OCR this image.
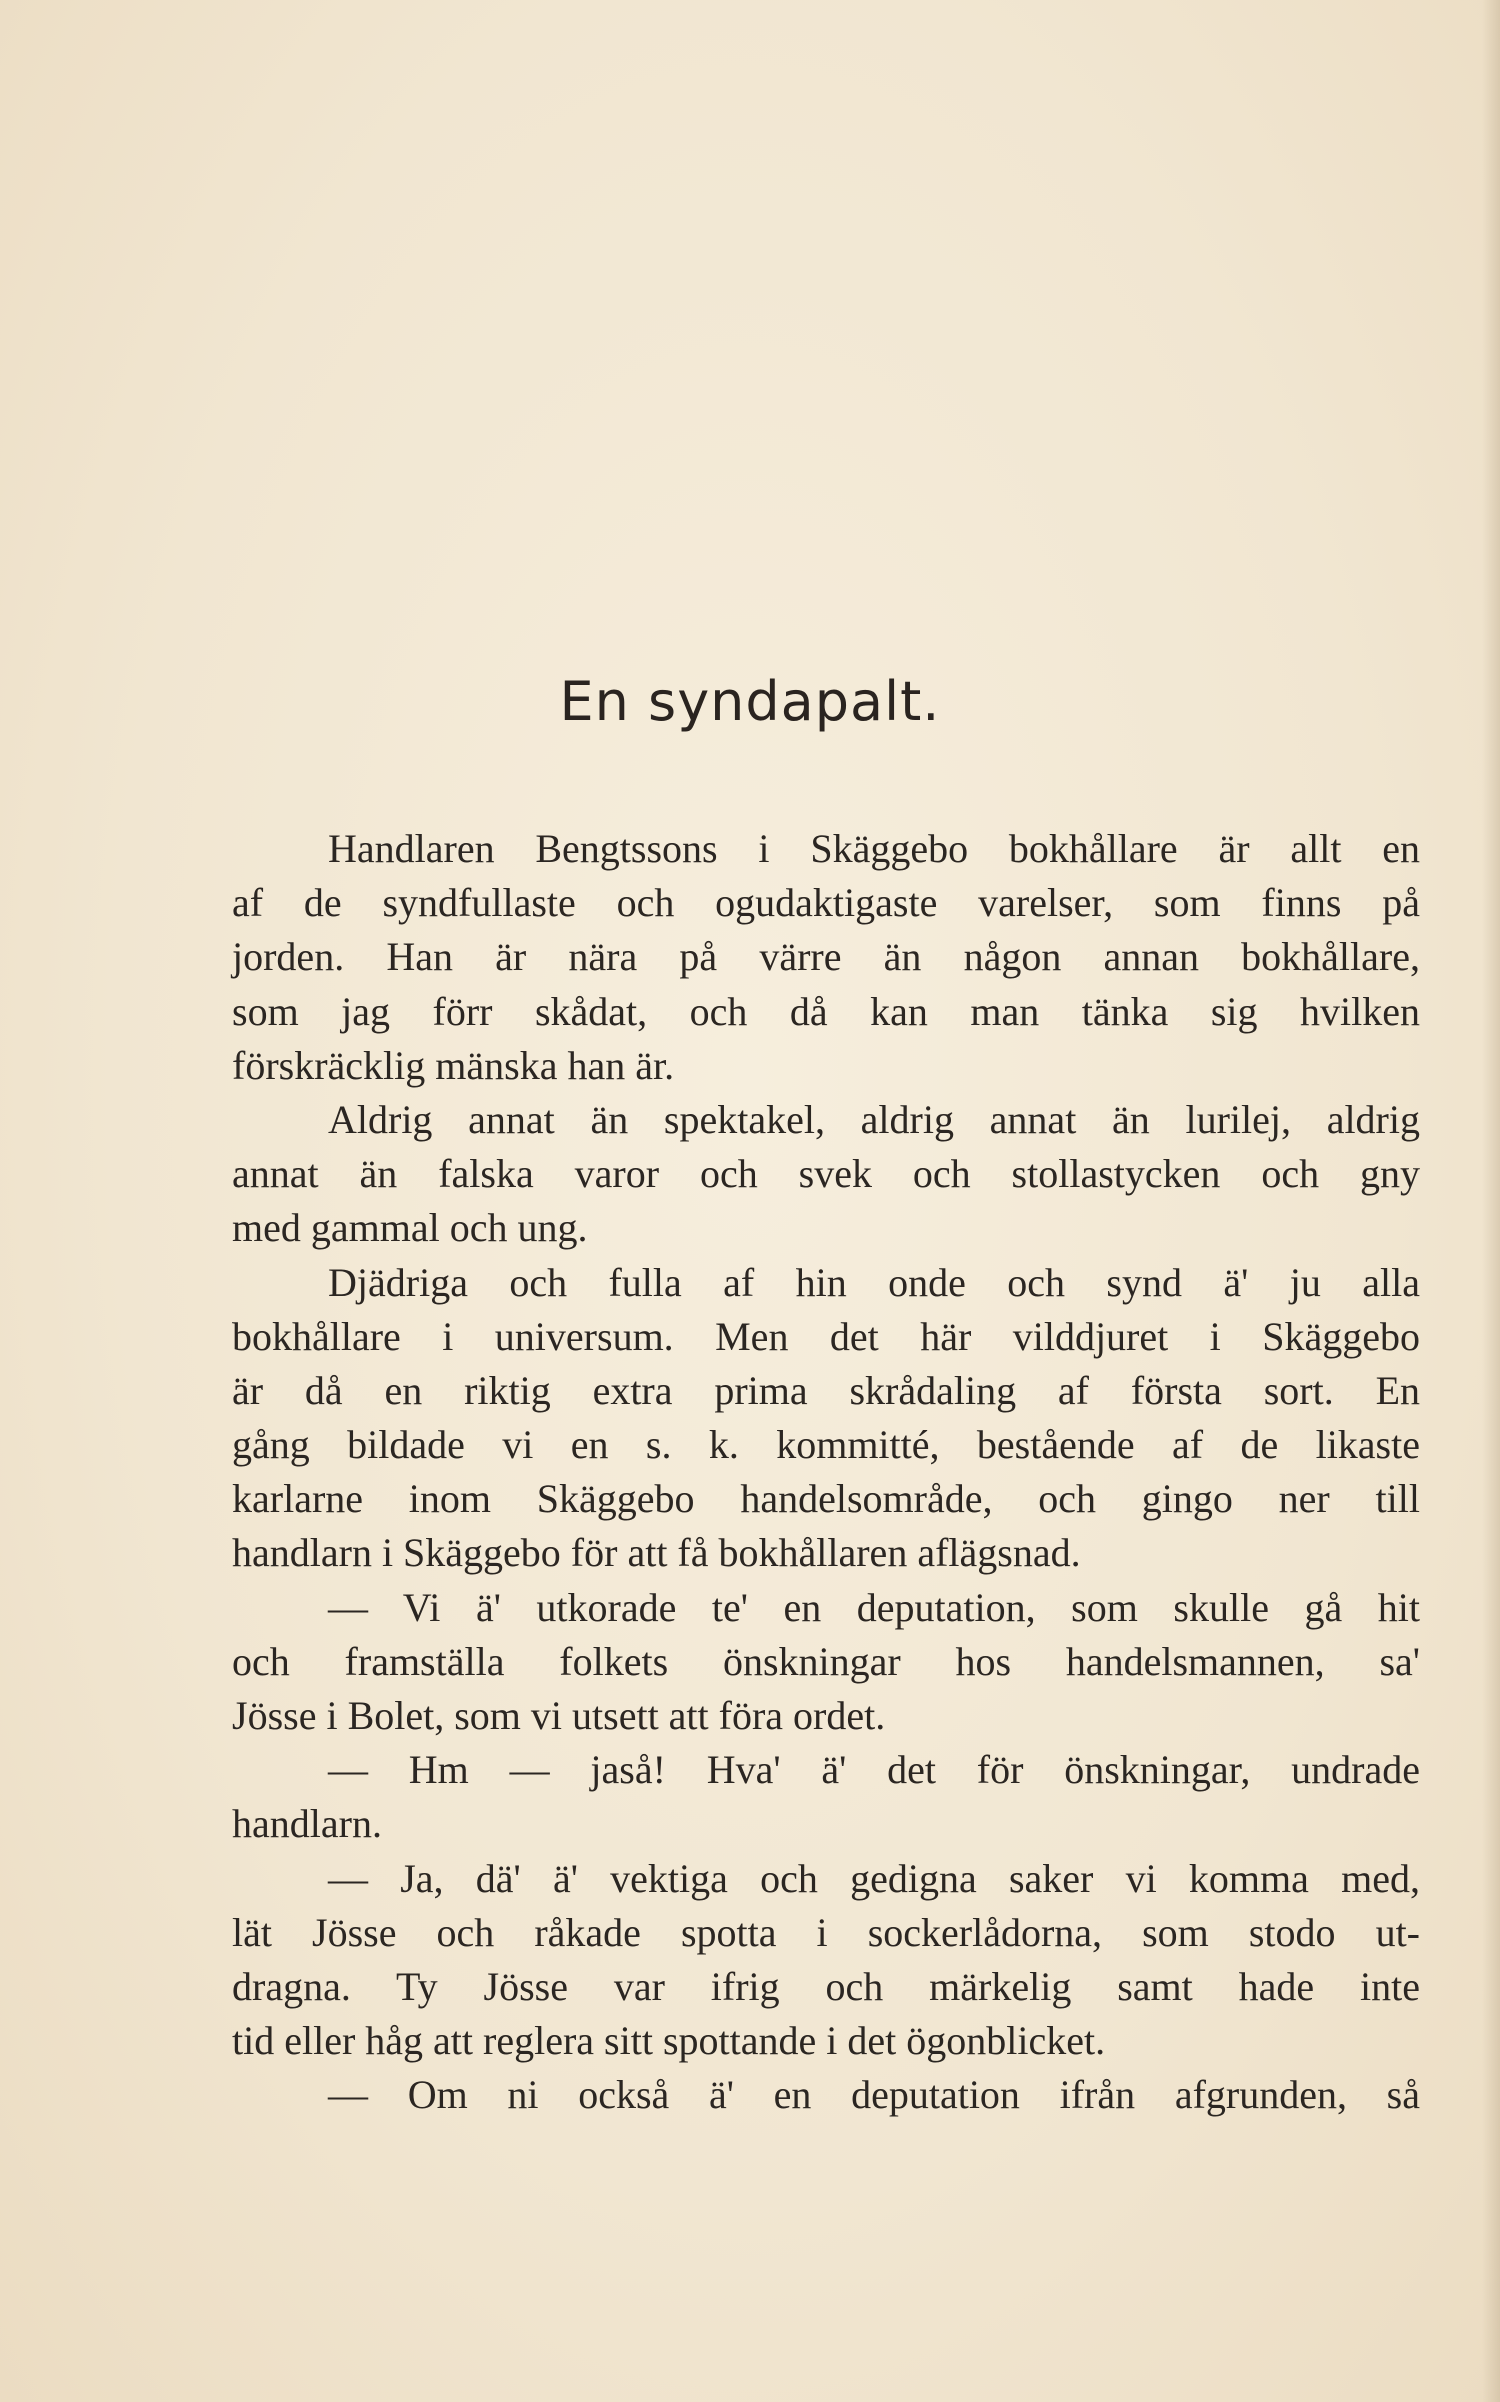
En syndapalt.
Handlaren Bengtssons i Skäggebo bokhållare är allt en
af de syndfullaste och ogudaktigaste varelser, som finns på
jorden. Han är nära på värre än någon annan bokhållare,
som jag förr skådat, och då kan man tänka sig hvilken
förskräcklig mänska han är.
Aldrig annat än spektakel, aldrig annat än lurilej, aldrig
annat än falska varor och svek och stollastycken och gny
med gammal och ung.
Djädriga och fulla af hin onde och synd ä' ju alla
bokhållare i universum. Men det här vilddjuret i Skäggebo
är då en riktig extra prima skrådaling af första sort. En
gång bildade vi en s. k. kommitté, bestående af de likaste
karlarne inom Skäggebo handelsområde, och gingo ner till
handlarn i Skäggebo för att få bokhållaren aflägsnad.
— Vi ä' utkorade te' en deputation, som skulle gå hit
och framställa folkets önskningar hos handelsmannen, sa'
Jösse i Bolet, som vi utsett att föra ordet.
— Hm — jaså! Hva' ä' det för önskningar, undrade
handlarn.
— Ja, dä' ä' vektiga och gedigna saker vi komma med,
lät Jösse och råkade spotta i sockerlådorna, som stodo ut-
dragna. Ty Jösse var ifrig och märkelig samt hade inte
tid eller håg att reglera sitt spottande i det ögonblicket.
— Om ni också ä' en deputation ifrån afgrunden, så
